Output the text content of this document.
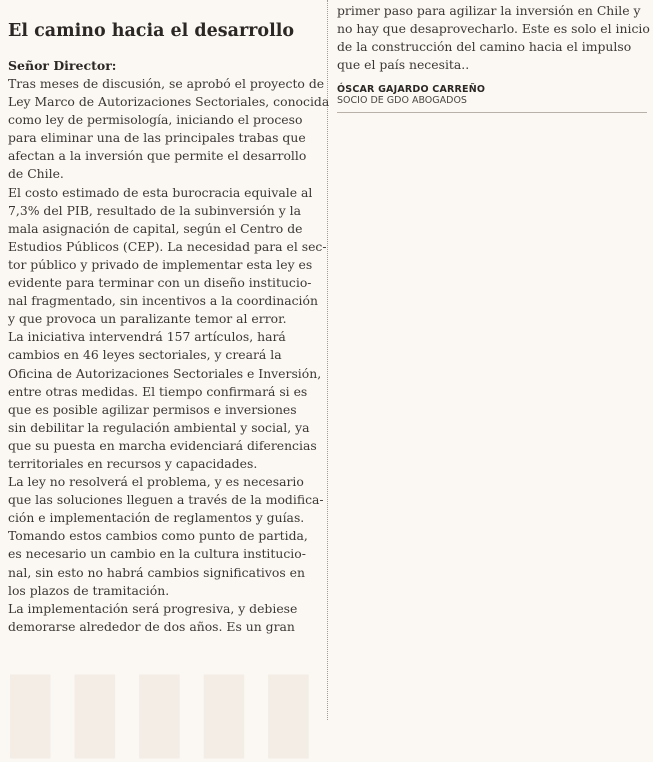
▮▮▮▮▮
El camino hacia el desarrollo
Señor Director:

Tras meses de discusión, se aprobó el proyecto de
Ley Marco de Autorizaciones Sectoriales, conocida
como ley de permisología, iniciando el proceso
para eliminar una de las principales trabas que
afectan a la inversión que permite el desarrollo
de Chile.

El costo estimado de esta burocracia equivale al
7,3% del PIB, resultado de la subinversión y la
mala asignación de capital, según el Centro de
Estudios Públicos (CEP). La necesidad para el sec-
tor público y privado de implementar esta ley es
evidente para terminar con un diseño institucio-
nal fragmentado, sin incentivos a la coordinación
y que provoca un paralizante temor al error.

La iniciativa intervendrá 157 artículos, hará
cambios en 46 leyes sectoriales, y creará la
Oficina de Autorizaciones Sectoriales e Inversión,
entre otras medidas. El tiempo confirmará si es
que es posible agilizar permisos e inversiones
sin debilitar la regulación ambiental y social, ya
que su puesta en marcha evidenciará diferencias
territoriales en recursos y capacidades.

La ley no resolverá el problema, y es necesario
que las soluciones lleguen a través de la modifica-
ción e implementación de reglamentos y guías.
Tomando estos cambios como punto de partida,
es necesario un cambio en la cultura institucio-
nal, sin esto no habrá cambios significativos en
los plazos de tramitación.

La implementación será progresiva, y debiese
demorarse alrededor de dos años. Es un gran

primer paso para agilizar la inversión en Chile y
no hay que desaprovecharlo. Este es solo el inicio
de la construcción del camino hacia el impulso
que el país necesita..

ÓSCAR GAJARDO CARREÑO
SOCIO DE GDO ABOGADOS
